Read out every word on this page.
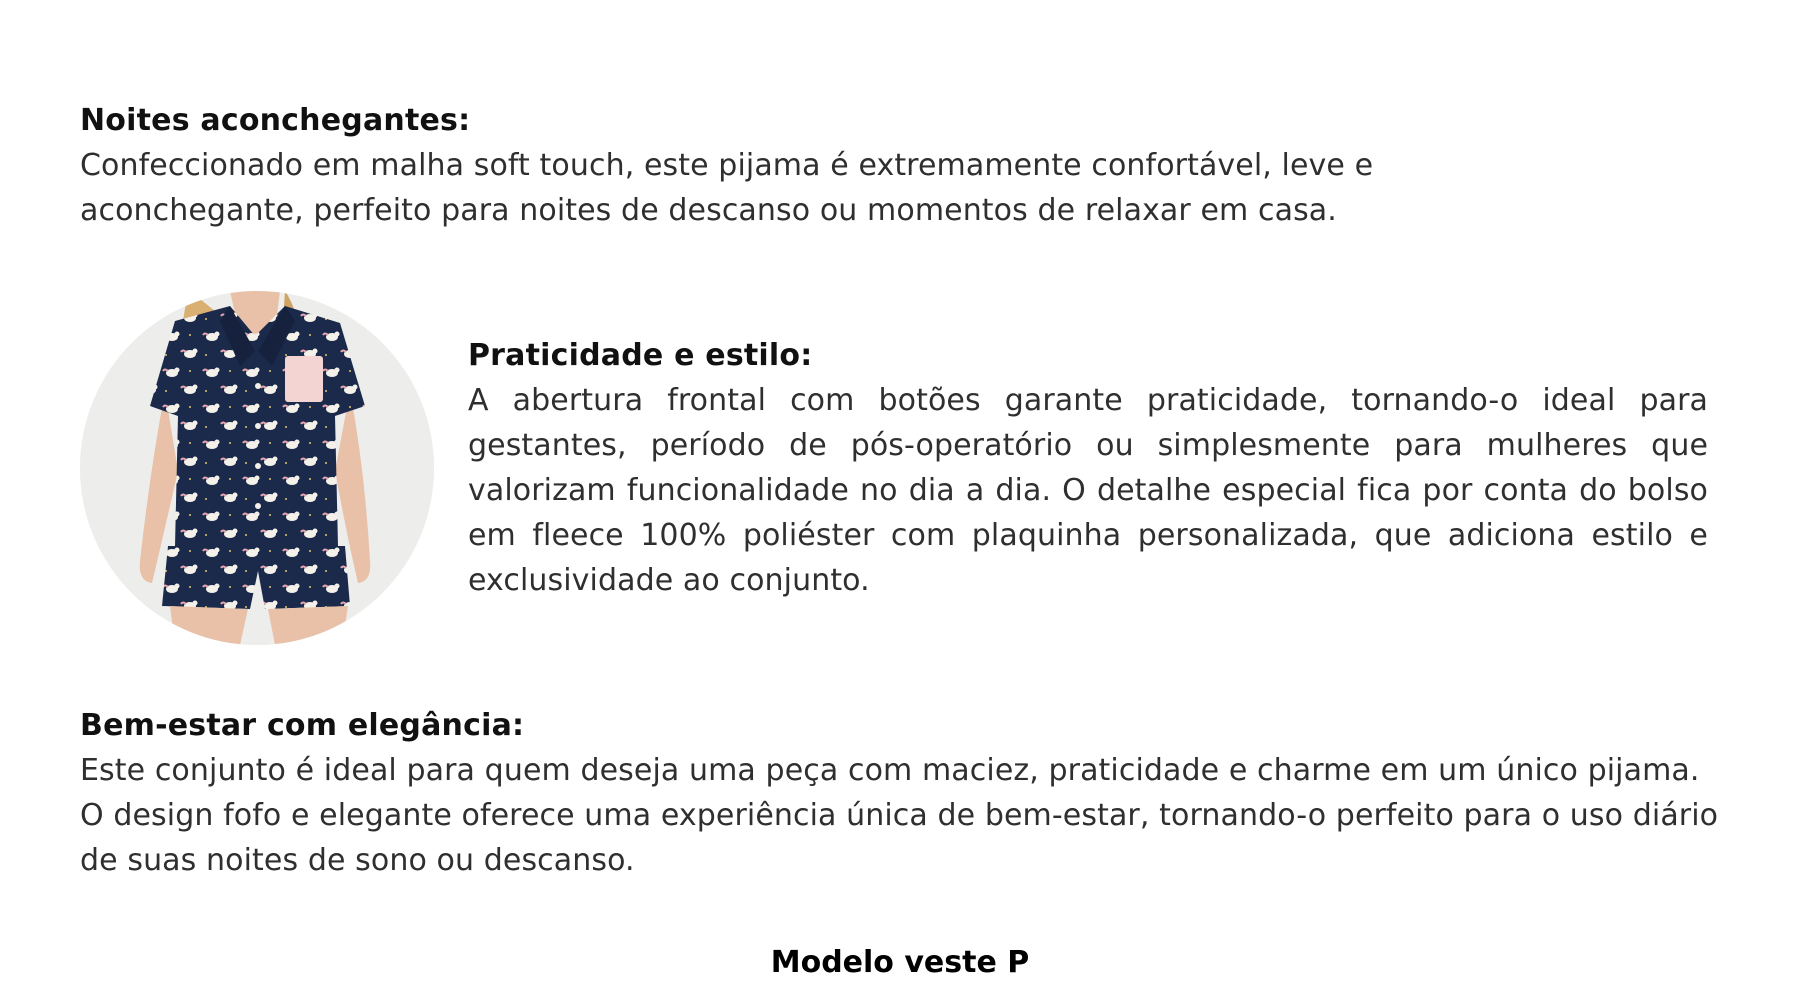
Noites aconchegantes:

Confeccionado em malha soft touch, este pijama é extremamente confortável, leve e aconchegante, perfeito para noites de descanso ou momentos de relaxar em casa.

Praticidade e estilo:

A abertura frontal com botões garante praticidade, tornando-o ideal para gestantes, período de pós-operatório ou simplesmente para mulheres que valorizam funcionalidade no dia a dia. O detalhe especial fica por conta do bolso em fleece 100% poliéster com plaquinha personalizada, que adiciona estilo e exclusividade ao conjunto.

Bem-estar com elegância:

Este conjunto é ideal para quem deseja uma peça com maciez, praticidade e charme em um único pijama. O design fofo e elegante oferece uma experiência única de bem-estar, tornando-o perfeito para o uso diário de suas noites de sono ou descanso.

Modelo veste P
